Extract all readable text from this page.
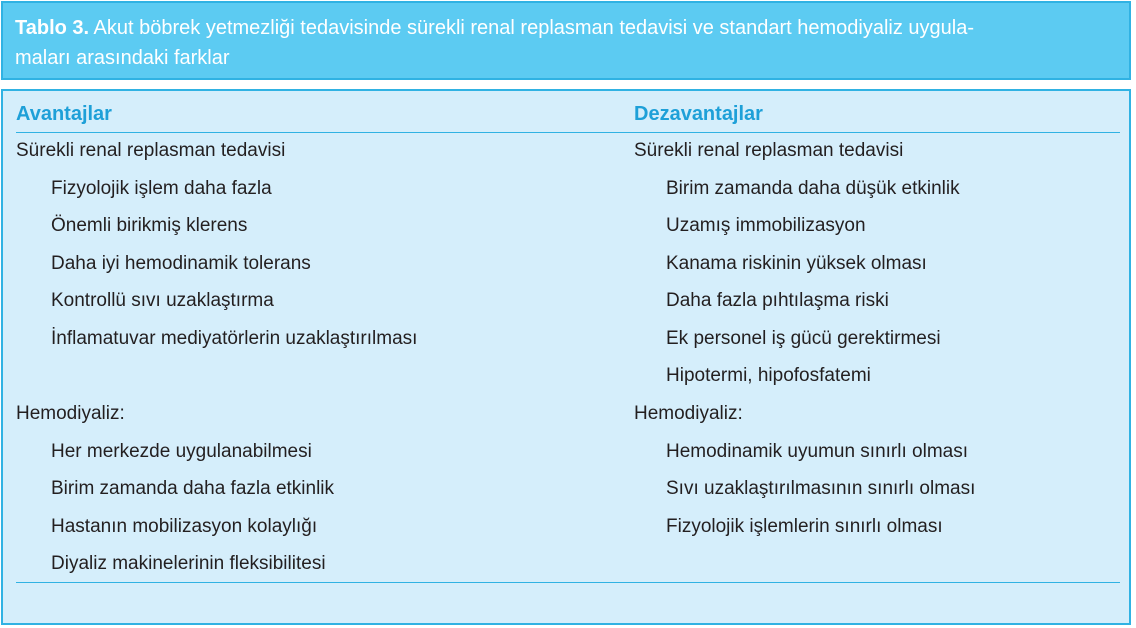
Tablo 3. Akut böbrek yetmezliği tedavisinde sürekli renal replasman tedavisi ve standart hemodiyaliz uygula-
maları arasındaki farklar
Avantajlar
Sürekli renal replasman tedavisi
Fizyolojik işlem daha fazla
Önemli birikmiş klerens
Daha iyi hemodinamik tolerans
Kontrollü sıvı uzaklaştırma
İnflamatuvar mediyatörlerin uzaklaştırılması
Hemodiyaliz:
Her merkezde uygulanabilmesi
Birim zamanda daha fazla etkinlik
Hastanın mobilizasyon kolaylığı
Diyaliz makinelerinin fleksibilitesi
Dezavantajlar
Sürekli renal replasman tedavisi
Birim zamanda daha düşük etkinlik
Uzamış immobilizasyon
Kanama riskinin yüksek olması
Daha fazla pıhtılaşma riski
Ek personel iş gücü gerektirmesi
Hipotermi, hipofosfatemi
Hemodiyaliz:
Hemodinamik uyumun sınırlı olması
Sıvı uzaklaştırılmasının sınırlı olması
Fizyolojik işlemlerin sınırlı olması
